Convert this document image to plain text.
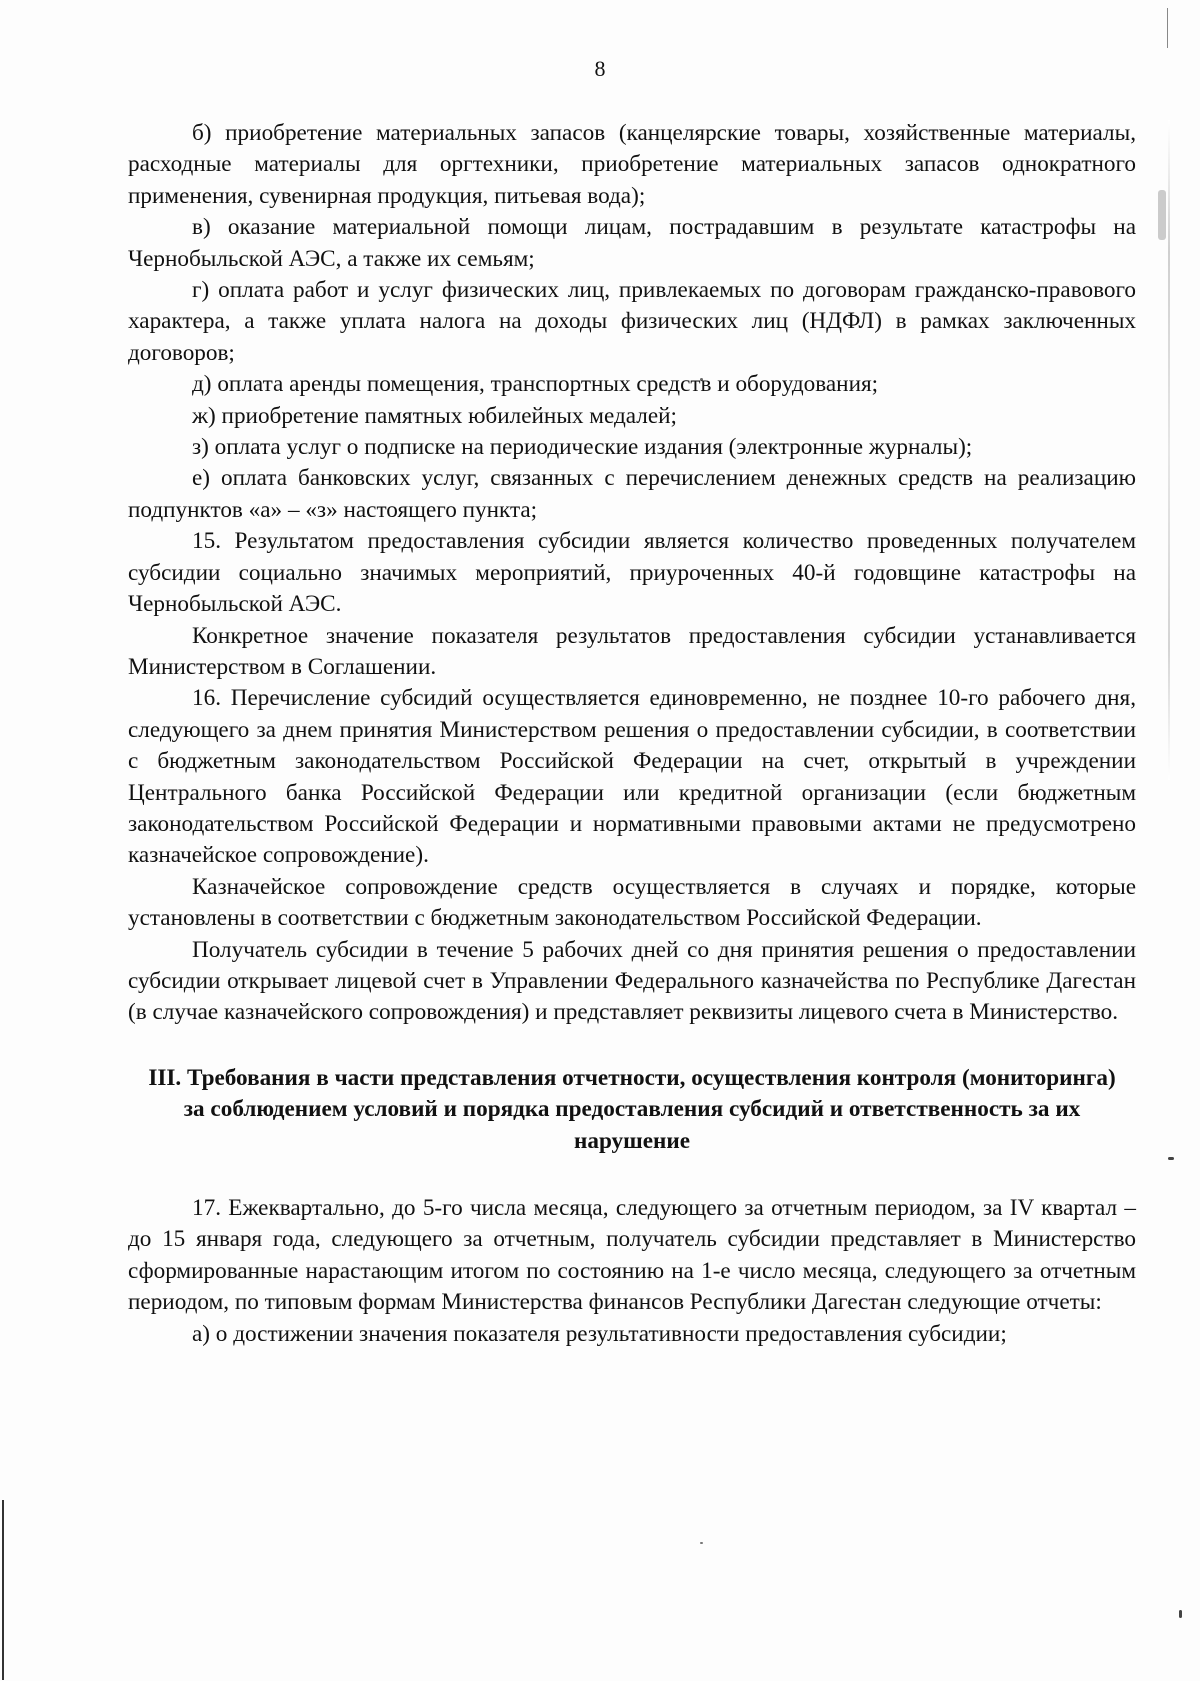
8

б) приобретение материальных запасов (канцелярские товары, хозяйственные материалы, расходные материалы для оргтехники, приобретение материальных запасов однократного применения, сувенирная продукция, питьевая вода);

в) оказание материальной помощи лицам, пострадавшим в результате катастрофы на Чернобыльской АЭС, а также их семьям;

г) оплата работ и услуг физических лиц, привлекаемых по договорам гражданско-правового характера, а также уплата налога на доходы физических лиц (НДФЛ) в рамках заключенных договоров;

д) оплата аренды помещения, транспортных средств и оборудования;

ж) приобретение памятных юбилейных медалей;

з) оплата услуг о подписке на периодические издания (электронные журналы);

е) оплата банковских услуг, связанных с перечислением денежных средств на реализацию подпунктов «а» – «з» настоящего пункта;

15. Результатом предоставления субсидии является количество проведенных получателем субсидии социально значимых мероприятий, приуроченных 40-й годовщине катастрофы на Чернобыльской АЭС.

Конкретное значение показателя результатов предоставления субсидии устанавливается Министерством в Соглашении.

16. Перечисление субсидий осуществляется единовременно, не позднее 10-го рабочего дня, следующего за днем принятия Министерством решения о предоставлении субсидии, в соответствии с бюджетным законодательством Российской Федерации на счет, открытый в учреждении Центрального банка Российской Федерации или кредитной организации (если бюджетным законодательством Российской Федерации и нормативными правовыми актами не предусмотрено казначейское сопровождение).

Казначейское сопровождение средств осуществляется в случаях и порядке, которые установлены в соответствии с бюджетным законодательством Российской Федерации.

Получатель субсидии в течение 5 рабочих дней со дня принятия решения о предоставлении субсидии открывает лицевой счет в Управлении Федерального казначейства по Республике Дагестан (в случае казначейского сопровождения) и представляет реквизиты лицевого счета в Министерство.

III. Требования в части представления отчетности, осуществления контроля (мониторинга) за соблюдением условий и порядка предоставления субсидий и ответственность за их нарушение

17. Ежеквартально, до 5-го числа месяца, следующего за отчетным периодом, за IV квартал – до 15 января года, следующего за отчетным, получатель субсидии представляет в Министерство сформированные нарастающим итогом по состоянию на 1-е число месяца, следующего за отчетным периодом, по типовым формам Министерства финансов Республики Дагестан следующие отчеты:

а) о достижении значения показателя результативности предоставления субсидии;
